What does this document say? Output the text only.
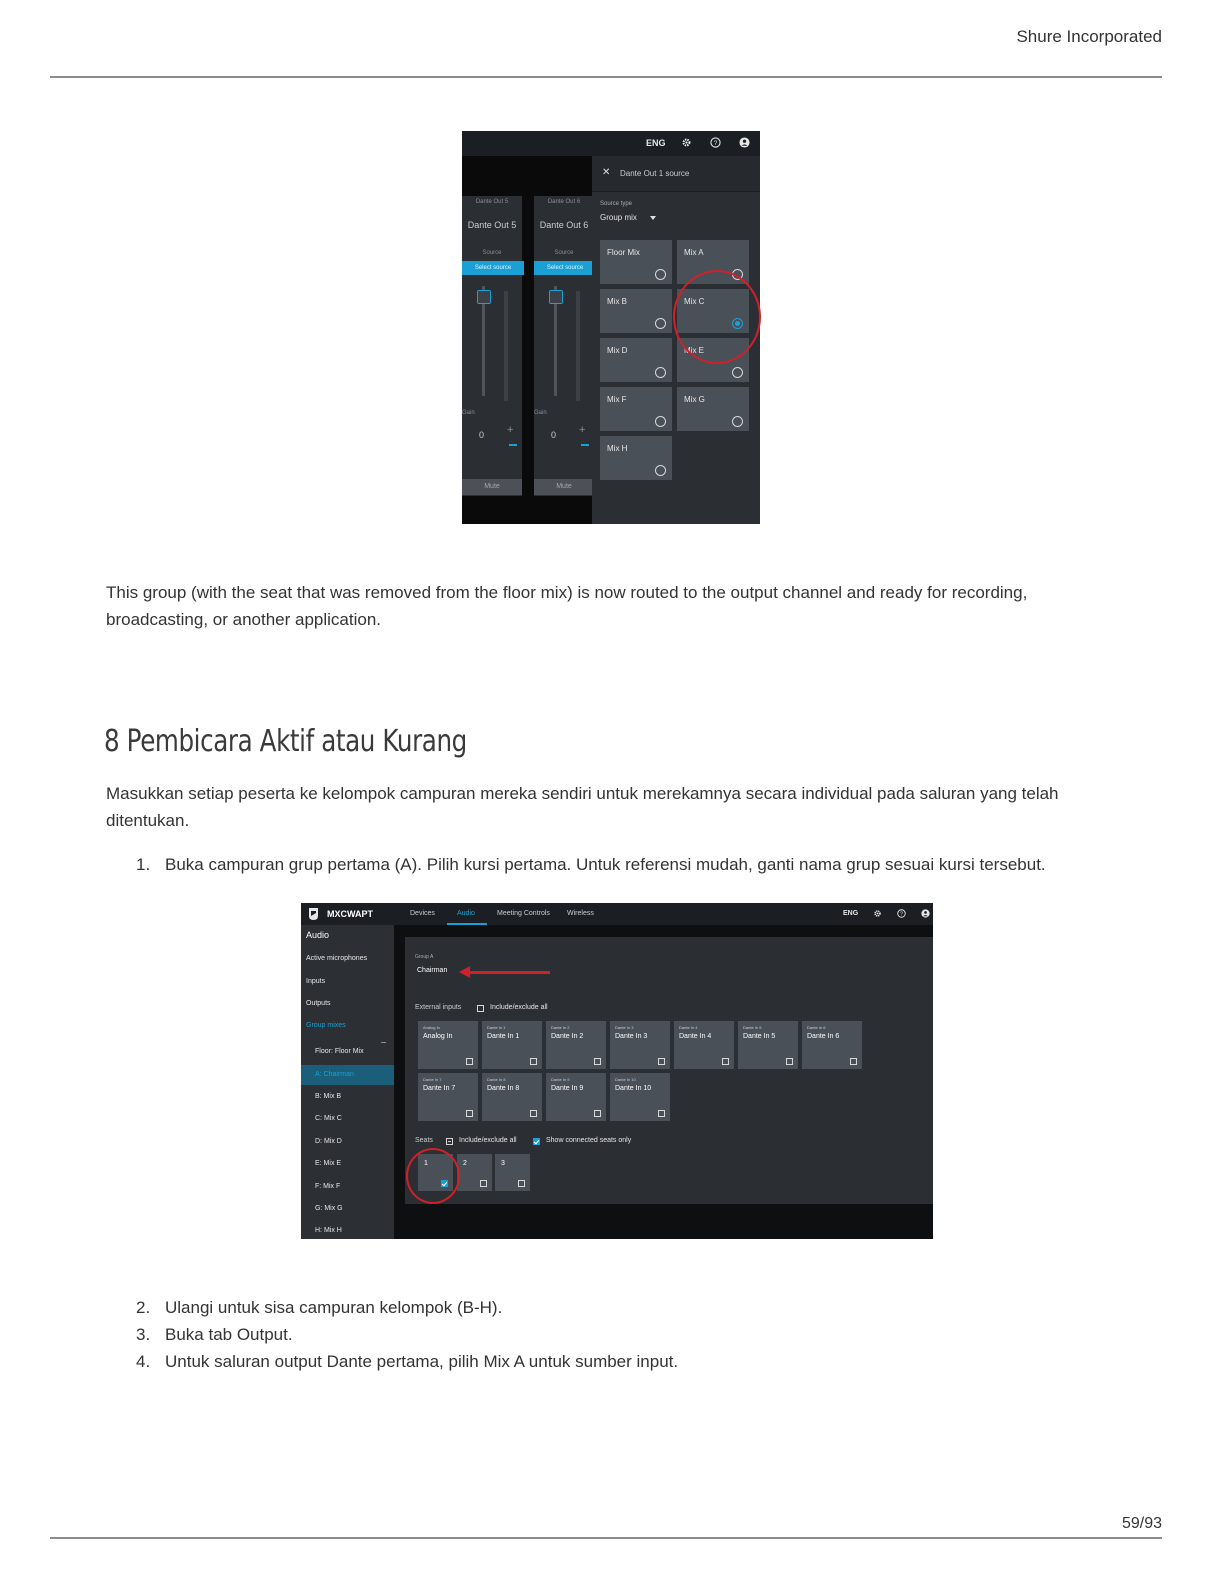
Shure Incorporated
ENG	?
Dante Out 5
Dante Out 5
Source
Select source
Gain
0 +
Mute
Dante Out 6
Dante Out 6
Source
Select source
Gain
0 +
Mute
✕ Dante Out 1 source
Source type
Group mix
Floor Mix	Mix A
Mix B	Mix C
Mix D	Mix E
Mix F	Mix G
Mix H

This group (with the seat that was removed from the floor mix) is now routed to the output channel and ready for recording, broadcasting, or another application.

8 Pembicara Aktif atau Kurang

Masukkan setiap peserta ke kelompok campuran mereka sendiri untuk merekamnya secara individual pada saluran yang telah ditentukan.

1. Buka campuran grup pertama (A). Pilih kursi pertama. Untuk referensi mudah, ganti nama grup sesuai kursi tersebut.
MXCWAPT	Devices	Audio	Meeting Controls Wireless	ENG	?
Audio
Active microphones
Inputs
Outputs
Group mixes
Floor: Floor Mix
A: Chairman
B: Mix B
C: Mix C
D: Mix D
E: Mix E
F: Mix F
G: Mix G
H: Mix H
Group A
Chairman
External inputs	Include/exclude all
Analog In
Analog In
Dante In 1
Dante In 1
Dante In 2
Dante In 2
Dante In 3
Dante In 3
Dante In 4
Dante In 4
Dante In 5
Dante In 5
Dante In 6
Dante In 6
Dante In 7
Dante In 7
Dante In 8
Dante In 8
Dante In 9
Dante In 9
Dante In 10
Dante In 10
Seats	Include/exclude all	Show connected seats only
1	2	3
2. Ulangi untuk sisa campuran kelompok (B-H).
3. Buka tab Output.
4. Untuk saluran output Dante pertama, pilih Mix A untuk sumber input.
59/93
